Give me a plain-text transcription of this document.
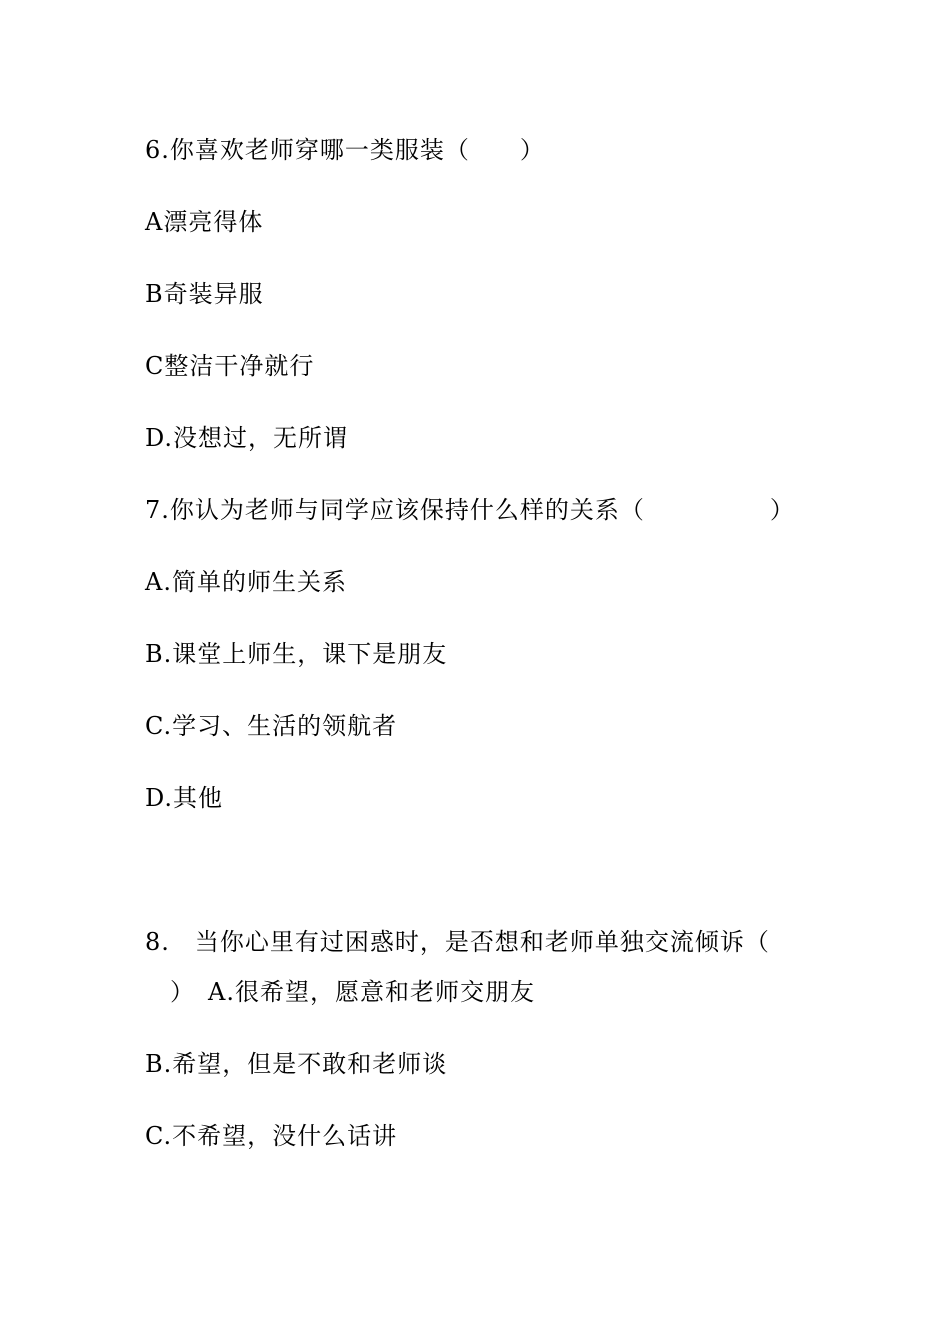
6.你喜欢老师穿哪一类服装（　　）
A漂亮得体
B奇装异服
C整洁干净就行
D.没想过，无所谓
7.你认为老师与同学应该保持什么样的关系（　　　　　）
A.简单的师生关系
B.课堂上师生，课下是朋友
C.学习、生活的领航者
D.其他
8.　当你心里有过困惑时，是否想和老师单独交流倾诉（
　）　A.很希望，愿意和老师交朋友
B.希望，但是不敢和老师谈
C.不希望，没什么话讲
